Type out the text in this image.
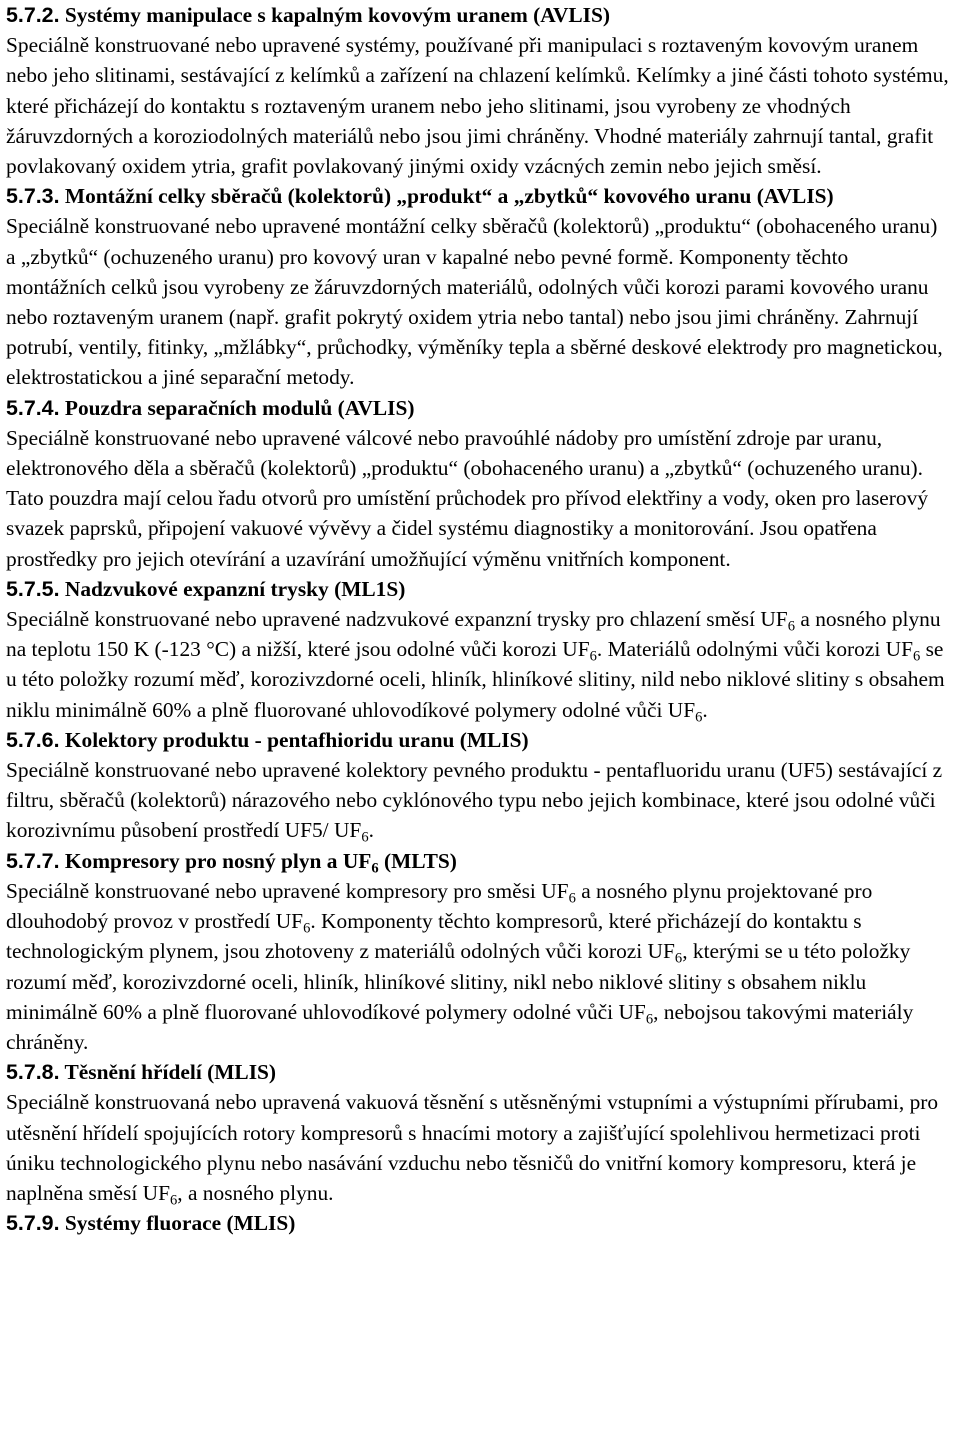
5.7.2. Systémy manipulace s kapalným kovovým uranem (AVLIS)

Speciálně konstruované nebo upravené systémy, používané při manipulaci s roztaveným kovovým uranem nebo jeho slitinami, sestávající z kelímků a zařízení na chlazení kelímků. Kelímky a jiné části tohoto systému, které přicházejí do kontaktu s roztaveným uranem nebo jeho slitinami, jsou vyrobeny ze vhodných žáruvzdorných a koroziodolných materiálů nebo jsou jimi chráněny. Vhodné materiály zahrnují tantal, grafit povlakovaný oxidem ytria, grafit povlakovaný jinými oxidy vzácných zemin nebo jejich směsí.

5.7.3. Montážní celky sběračů (kolektorů) „produkt“ a „zbytků“ kovového uranu (AVLIS)

Speciálně konstruované nebo upravené montážní celky sběračů (kolektorů) „produktu“ (obohaceného uranu) a „zbytků“ (ochuzeného uranu) pro kovový uran v kapalné nebo pevné formě. Komponenty těchto montážních celků jsou vyrobeny ze žáruvzdorných materiálů, odolných vůči korozi parami kovového uranu nebo roztaveným uranem (např. grafit pokrytý oxidem ytria nebo tantal) nebo jsou jimi chráněny. Zahrnují potrubí, ventily, fitinky, „mžlábky“, průchodky, výměníky tepla a sběrné deskové elektrody pro magnetickou, elektrostatickou a jiné separační metody.

5.7.4. Pouzdra separačních modulů (AVLIS)

Speciálně konstruované nebo upravené válcové nebo pravoúhlé nádoby pro umístění zdroje par uranu, elektronového děla a sběračů (kolektorů) „produktu“ (obohaceného uranu) a „zbytků“ (ochuzeného uranu). Tato pouzdra mají celou řadu otvorů pro umístění průchodek pro přívod elektřiny a vody, oken pro laserový svazek paprsků, připojení vakuové vývěvy a čidel systému diagnostiky a monitorování. Jsou opatřena prostředky pro jejich otevírání a uzavírání umožňující výměnu vnitřních komponent.

5.7.5. Nadzvukové expanzní trysky (ML1S)

Speciálně konstruované nebo upravené nadzvukové expanzní trysky pro chlazení směsí $UF_6$ a nosného plynu na teplotu 150 K (-123 °C) a nižší, které jsou odolné vůči korozi $UF_6$. Materiálů odolnými vůči korozi $UF_6$ se u této položky rozumí měď, korozivzdorné oceli, hliník, hliníkové slitiny, nild nebo niklové slitiny s obsahem niklu minimálně 60% a plně fluorované uhlovodíkové polymery odolné vůči $UF_6$.

5.7.6. Kolektory produktu - pentafhioridu uranu (MLIS)

Speciálně konstruované nebo upravené kolektory pevného produktu - pentafluoridu uranu (UF5) sestávající z filtru, sběračů (kolektorů) nárazového nebo cyklónového typu nebo jejich kombinace, které jsou odolné vůči korozivnímu působení prostředí UF5/ $UF_6$.

5.7.7. Kompresory pro nosný plyn a $UF_6$ (MLTS)

Speciálně konstruované nebo upravené kompresory pro směsi $UF_6$ a nosného plynu projektované pro dlouhodobý provoz v prostředí $UF_6$. Komponenty těchto kompresorů, které přicházejí do kontaktu s technologickým plynem, jsou zhotoveny z materiálů odolných vůči korozi $UF_6$, kterými se u této položky rozumí měď, korozivzdorné oceli, hliník, hliníkové slitiny, nikl nebo niklové slitiny s obsahem niklu minimálně 60% a plně fluorované uhlovodíkové polymery odolné vůči $UF_6$, nebojsou takovými materiály chráněny.

5.7.8. Těsnění hřídelí (MLIS)

Speciálně konstruovaná nebo upravená vakuová těsnění s utěsněnými vstupními a výstupními přírubami, pro utěsnění hřídelí spojujících rotory kompresorů s hnacími motory a zajišťující spolehlivou hermetizaci proti úniku technologického plynu nebo nasávání vzduchu nebo těsničů do vnitřní komory kompresoru, která je naplněna směsí $UF_6$, a nosného plynu.

5.7.9. Systémy fluorace (MLIS)
